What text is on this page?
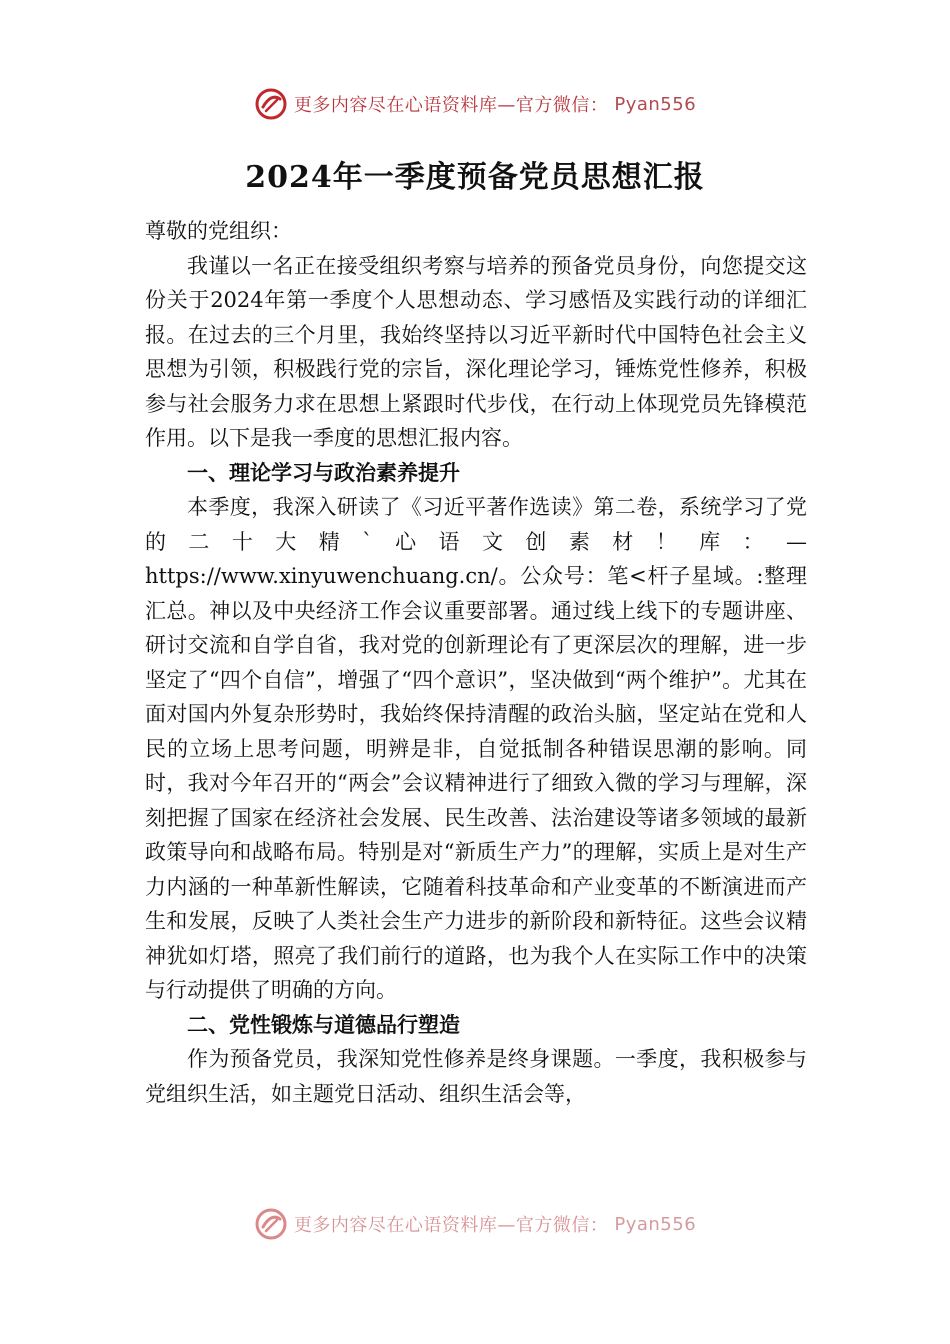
更多内容尽在心语资料库—官方微信： Pyan556
2024年一季度预备党员思想汇报

尊敬的党组织：

我谨以一名正在接受组织考察与培养的预备党员身份，向您提交这份关于2024年第一季度个人思想动态、学习感悟及实践行动的详细汇报。在过去的三个月里，我始终坚持以习近平新时代中国特色社会主义思想为引领，积极践行党的宗旨，深化理论学习，锤炼党性修养，积极参与社会服务力求在思想上紧跟时代步伐，在行动上体现党员先锋模范作用。以下是我一季度的思想汇报内容。

一、理论学习与政治素养提升

本季度，我深入研读了《习近平著作选读》第二卷，系统学习了党的二十大精`心语文创素材！库：—https://www.xinyuwenchuang.cn/。公众号：笔<杆子星域。:整理汇总。神以及中央经济工作会议重要部署。通过线上线下的专题讲座、研讨交流和自学自省，我对党的创新理论有了更深层次的理解，进一步坚定了“四个自信”，增强了“四个意识”，坚决做到“两个维护”。尤其在面对国内外复杂形势时，我始终保持清醒的政治头脑，坚定站在党和人民的立场上思考问题，明辨是非，自觉抵制各种错误思潮的影响。同时，我对今年召开的“两会”会议精神进行了细致入微的学习与理解，深刻把握了国家在经济社会发展、民生改善、法治建设等诸多领域的最新政策导向和战略布局。特别是对“新质生产力”的理解，实质上是对生产力内涵的一种革新性解读，它随着科技革命和产业变革的不断演进而产生和发展，反映了人类社会生产力进步的新阶段和新特征。这些会议精神犹如灯塔，照亮了我们前行的道路，也为我个人在实际工作中的决策与行动提供了明确的方向。

二、党性锻炼与道德品行塑造

作为预备党员，我深知党性修养是终身课题。一季度，我积极参与党组织生活，如主题党日活动、组织生活会等，

更多内容尽在心语资料库—官方微信： Pyan556
